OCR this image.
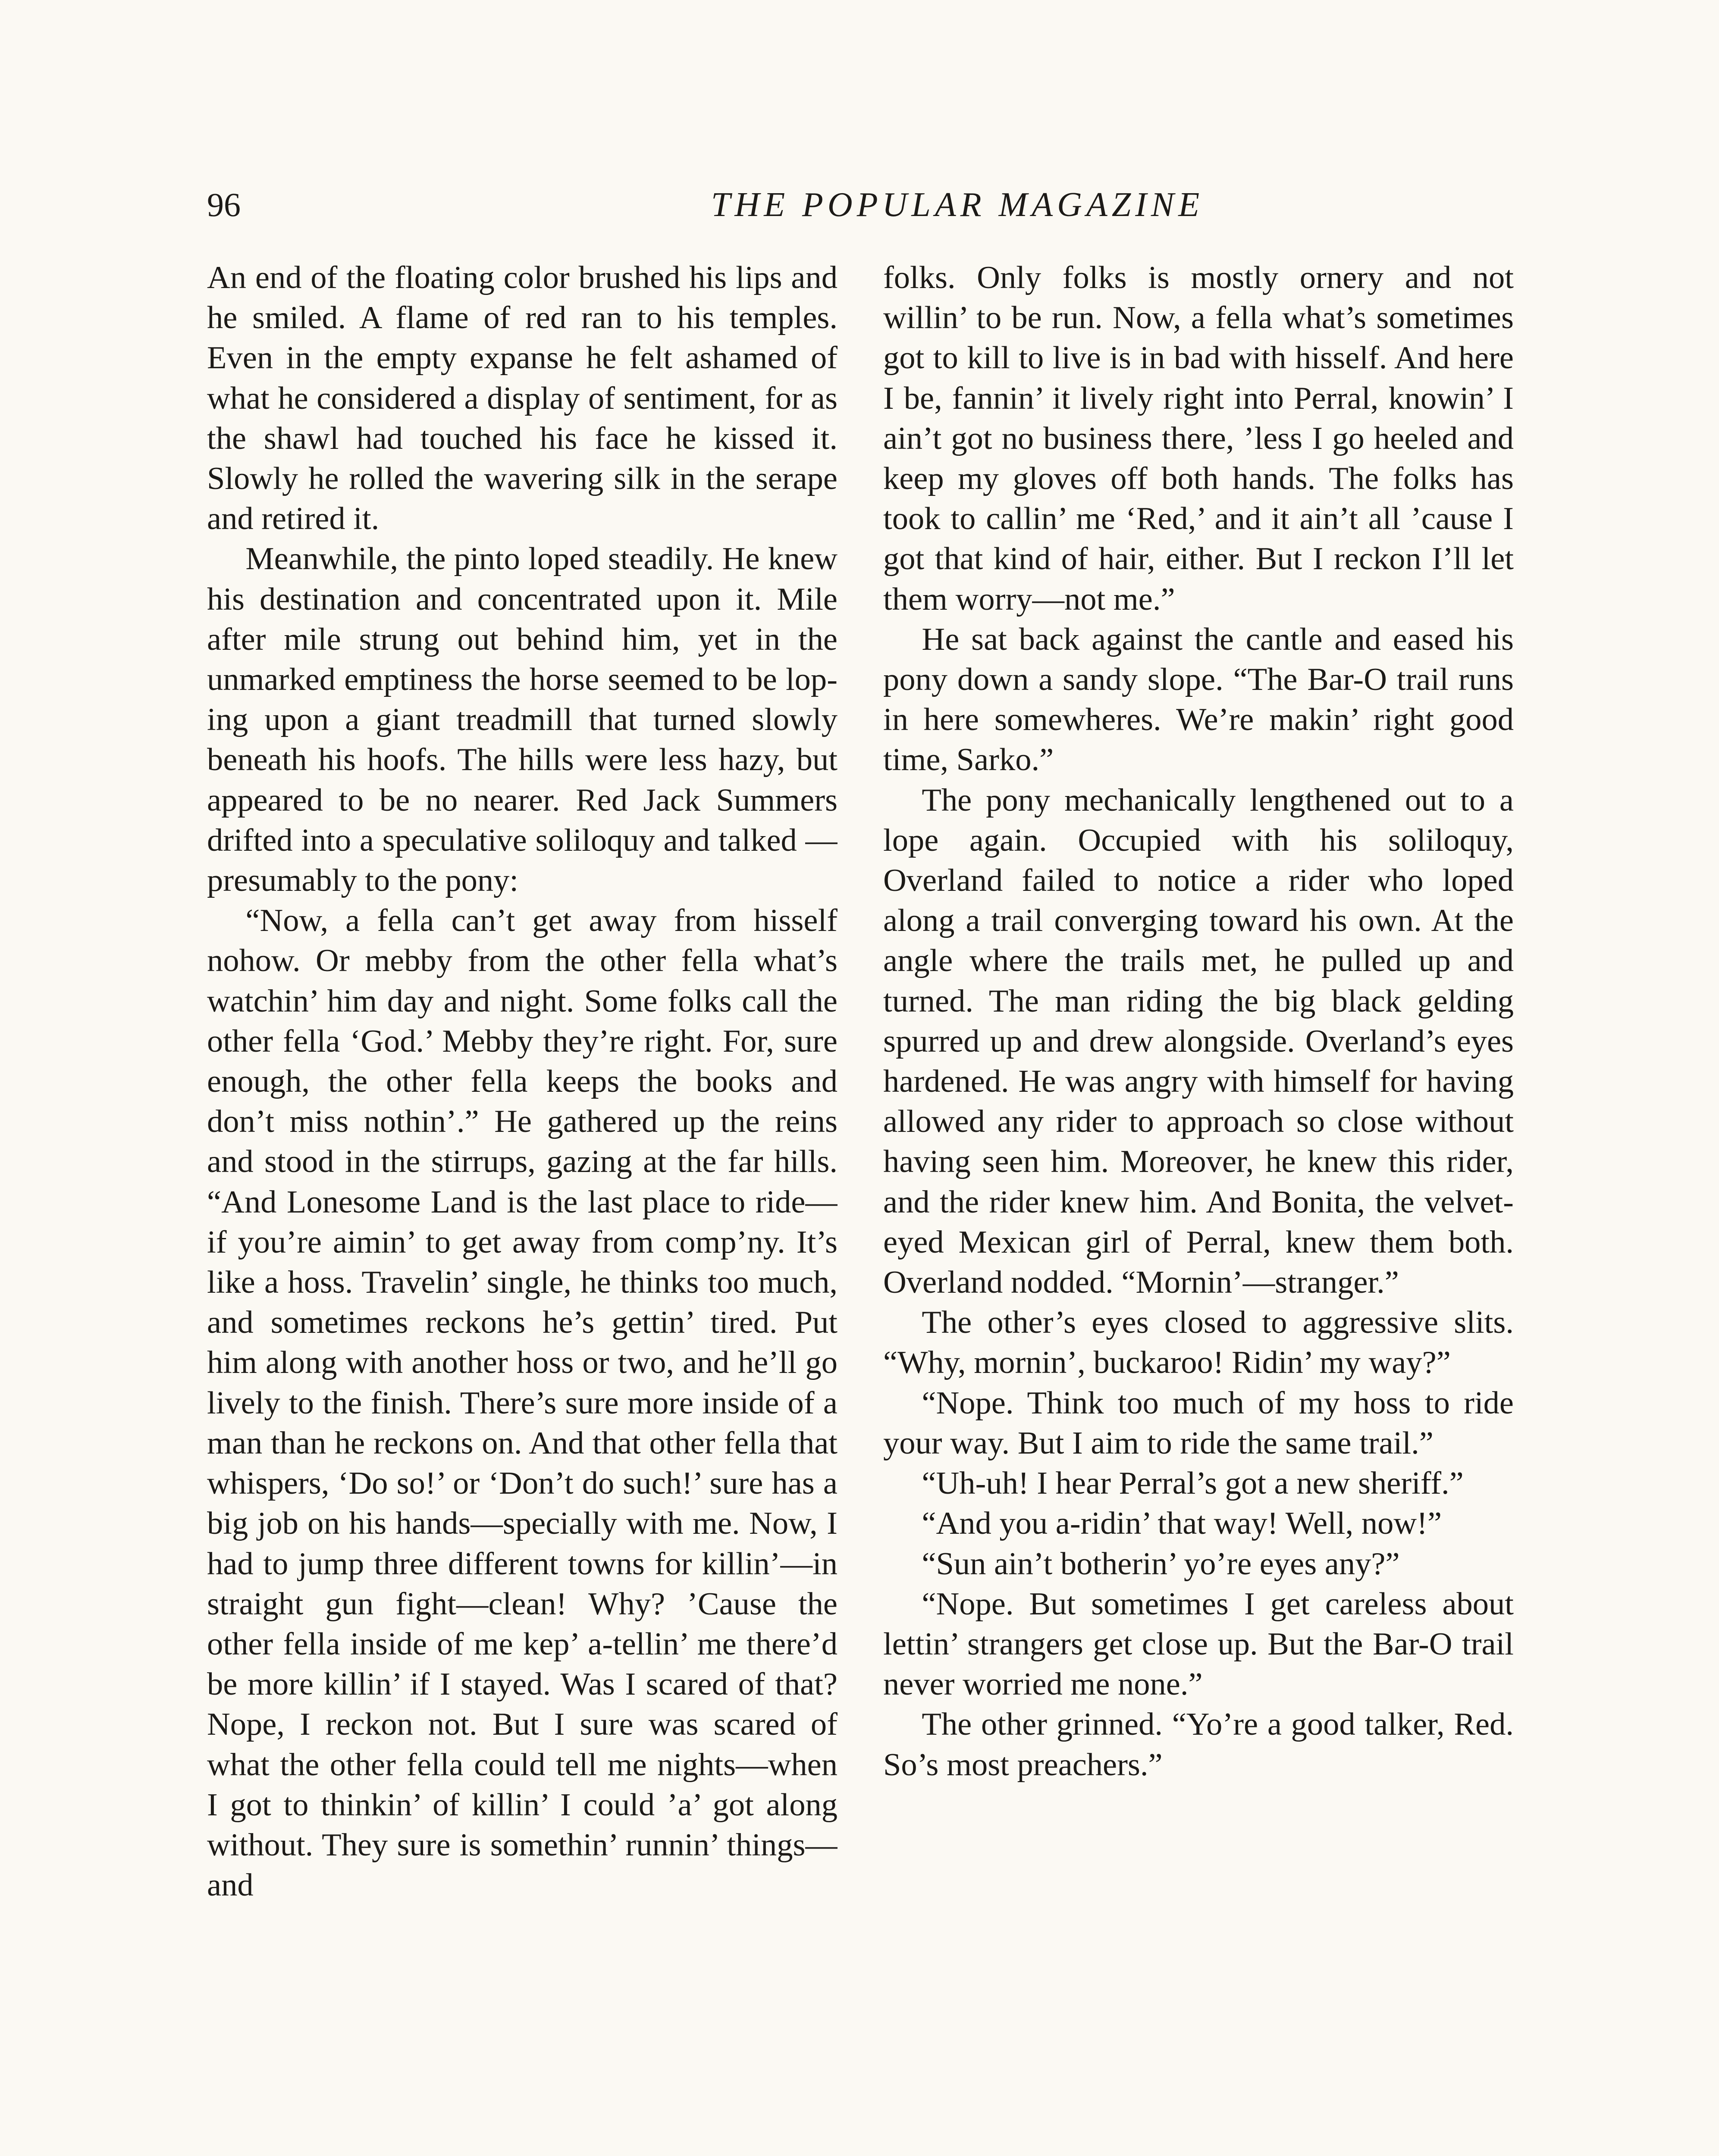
96	THE POPULAR MAGAZINE

An end of the floating color brushed his lips and he smiled. A flame of red ran to his temples. Even in the empty expanse he felt ashamed of what he considered a display of sentiment, for as the shawl had touched his face he kissed it. Slowly he rolled the wavering silk in the serape and retired it.

Meanwhile, the pinto loped steadily. He knew his destination and concentrated upon it. Mile after mile strung out behind him, yet in the unmarked emptiness the horse seemed to be loping upon a giant treadmill that turned slowly beneath his hoofs. The hills were less hazy, but appeared to be no nearer. Red Jack Summers drifted into a speculative soliloquy and talked —presumably to the pony:

“Now, a fella can’t get away from hisself nohow. Or mebby from the other fella what’s watchin’ him day and night. Some folks call the other fella ‘God.’ Mebby they’re right. For, sure enough, the other fella keeps the books and don’t miss nothin’.” He gathered up the reins and stood in the stirrups, gazing at the far hills. “And Lonesome Land is the last place to ride—if you’re aimin’ to get away from comp’ny. It’s like a hoss. Travelin’ single, he thinks too much, and sometimes reckons he’s gettin’ tired. Put him along with another hoss or two, and he’ll go lively to the finish. There’s sure more inside of a man than he reckons on. And that other fella that whispers, ‘Do so!’ or ‘Don’t do such!’ sure has a big job on his hands—specially with me. Now, I had to jump three different towns for killin’—in straight gun fight—clean! Why? ’Cause the other fella inside of me kep’ a-tellin’ me there’d be more killin’ if I stayed. Was I scared of that? Nope, I reckon not. But I sure was scared of what the other fella could tell me nights—when I got to thinkin’ of killin’ I could ’a’ got along without. They sure is somethin’ runnin’ things—and

folks. Only folks is mostly ornery and not willin’ to be run. Now, a fella what’s sometimes got to kill to live is in bad with hisself. And here I be, fannin’ it lively right into Perral, knowin’ I ain’t got no business there, ’less I go heeled and keep my gloves off both hands. The folks has took to callin’ me ‘Red,’ and it ain’t all ’cause I got that kind of hair, either. But I reckon I’ll let them worry—not me.”

He sat back against the cantle and eased his pony down a sandy slope. “The Bar-O trail runs in here somewheres. We’re makin’ right good time, Sarko.”

The pony mechanically lengthened out to a lope again. Occupied with his soliloquy, Overland failed to notice a rider who loped along a trail converging toward his own. At the angle where the trails met, he pulled up and turned. The man riding the big black gelding spurred up and drew alongside. Overland’s eyes hardened. He was angry with himself for having allowed any rider to approach so close without having seen him. Moreover, he knew this rider, and the rider knew him. And Bonita, the velvet-eyed Mexican girl of Perral, knew them both. Overland nodded. “Mornin’—stranger.”

The other’s eyes closed to aggressive slits. “Why, mornin’, buckaroo! Ridin’ my way?”

“Nope. Think too much of my hoss to ride your way. But I aim to ride the same trail.”

“Uh-uh! I hear Perral’s got a new sheriff.”

“And you a-ridin’ that way! Well, now!”

“Sun ain’t botherin’ yo’re eyes any?”

“Nope. But sometimes I get careless about lettin’ strangers get close up. But the Bar-O trail never worried me none.”

The other grinned. “Yo’re a good talker, Red. So’s most preachers.”
